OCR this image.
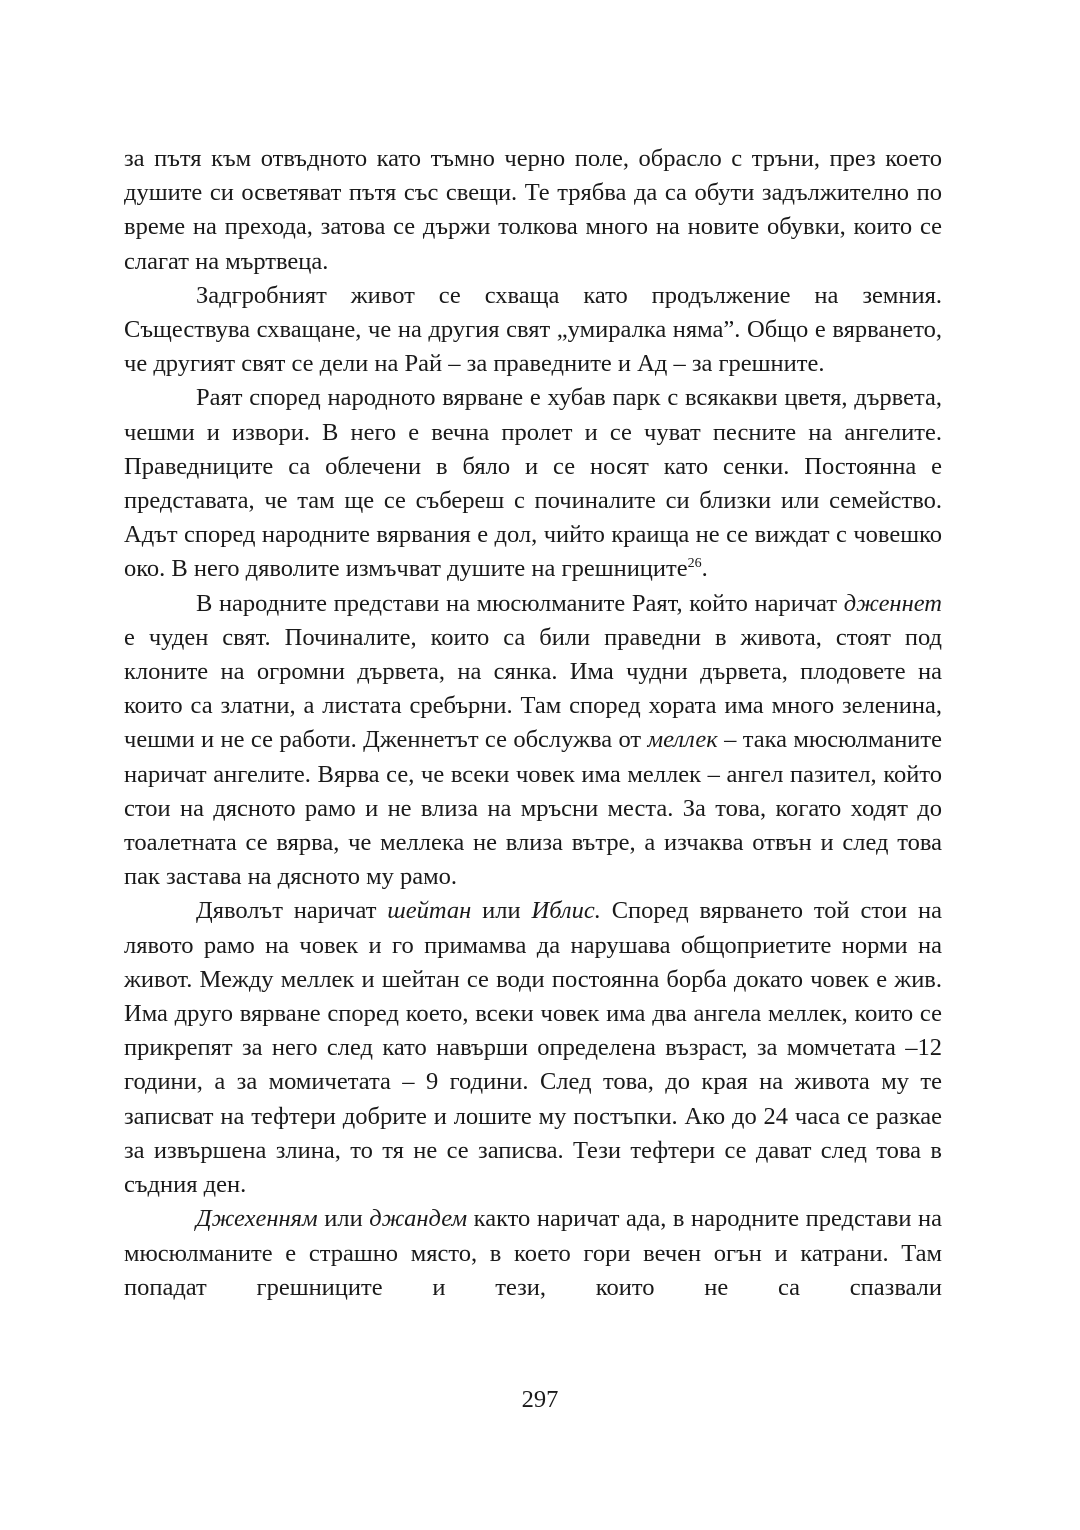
за пътя към отвъдното като тъмно черно поле, обрасло с тръни, през което душите си осветяват пътя със свещи. Те трябва да са обути задължително по време на прехода, затова се държи толкова много на новите обувки, които се слагат на мъртвеца.

Задгробният живот се схваща като продължение на земния. Съществува схващане, че на другия свят „умиралка няма”. Общо е вярването, че другият свят се дели на Рай – за праведните и Ад – за грешните.

Раят според народното вярване е хубав парк с всякакви цветя, дървета, чешми и извори. В него е вечна пролет и се чуват песните на ангелите. Праведниците са облечени в бяло и се носят като сенки. Постоянна е представата, че там ще се събереш с починалите си близки или семейство. Адът според народните вярвания е дол, чийто краища не се виждат с човешко око. В него дяволите измъчват душите на грешниците$^{26}$.

В народните представи на мюсюлманите Раят, който наричат дженнет е чуден свят. Починалите, които са били праведни в живота, стоят под клоните на огромни дървета, на сянка. Има чудни дървета, плодовете на които са златни, а листата сребърни. Там според хората има много зеленина, чешми и не се работи. Дженнетът се обслужва от меллек – така мюсюлманите наричат ангелите. Вярва се, че всеки човек има меллек – ангел пазител, който стои на дясното рамо и не влиза на мръсни места. За това, когато ходят до тоалетната се вярва, че меллека не влиза вътре, а изчаква отвън и след това пак застава на дясното му рамо.

Дяволът наричат шейтан или Иблис. Според вярването той стои на лявото рамо на човек и го примамва да нарушава общоприетите норми на живот. Между меллек и шейтан се води постоянна борба докато човек е жив. Има друго вярване според което, всеки човек има два ангела меллек, които се прикрепят за него след като навърши определена възраст, за момчетата –12 години, а за момичетата – 9 години. След това, до края на живота му те записват на тефтери добрите и лошите му постъпки. Ако до 24 часа се разкае за извършена злина, то тя не се записва. Тези тефтери се дават след това в съдния ден.

Джехенням или джандем както наричат ада, в народните представи на мюсюлманите е страшно място, в което гори вечен огън и катрани. Там попадат грешниците и тези, които не са спазвали

297
